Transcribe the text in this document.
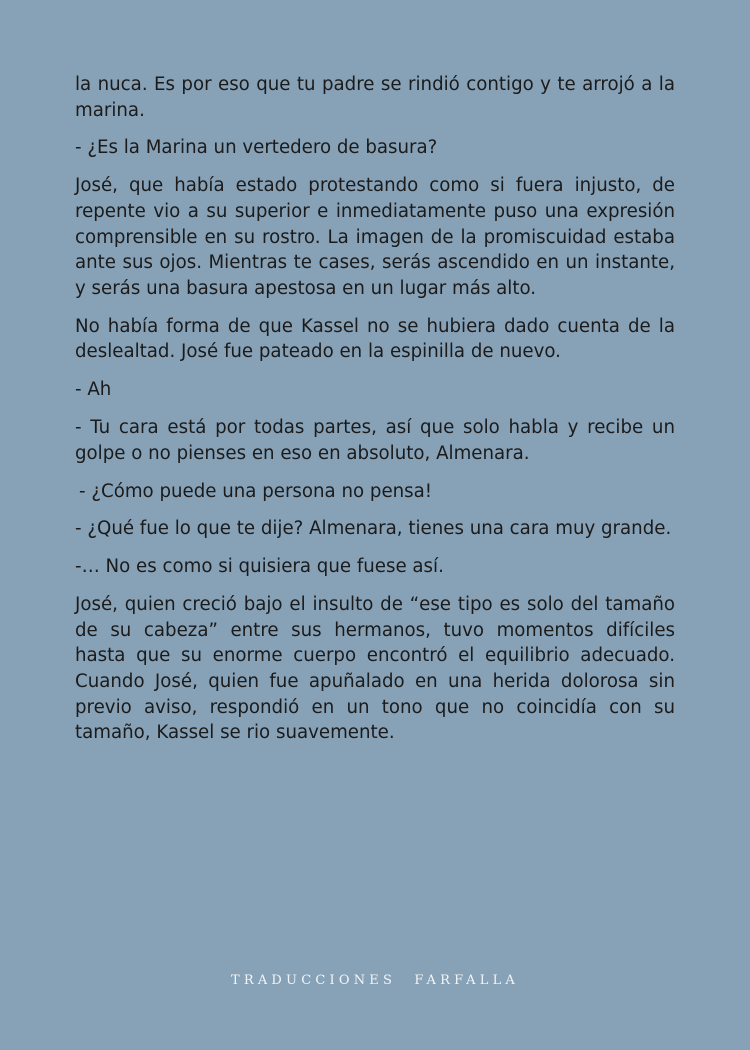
la nuca. Es por eso que tu padre se rindió contigo y te arrojó a la marina.

- ¿Es la Marina un vertedero de basura?

José, que había estado protestando como si fuera injusto, de repente vio a su superior e inmediatamente puso una expresión comprensible en su rostro. La imagen de la promiscuidad estaba ante sus ojos. Mientras te cases, serás ascendido en un instante, y serás una basura apestosa en un lugar más alto.

No había forma de que Kassel no se hubiera dado cuenta de la deslealtad. José fue pateado en la espinilla de nuevo.

- Ah

- Tu cara está por todas partes, así que solo habla y recibe un golpe o no pienses en eso en absoluto, Almenara.

- ¿Cómo puede una persona no pensa!

- ¿Qué fue lo que te dije? Almenara, tienes una cara muy grande.

-… No es como si quisiera que fuese así.

José, quien creció bajo el insulto de “ese tipo es solo del tamaño de su cabeza” entre sus hermanos, tuvo momentos difíciles hasta que su enorme cuerpo encontró el equilibrio adecuado. Cuando José, quien fue apuñalado en una herida dolorosa sin previo aviso, respondió en un tono que no coincidía con su tamaño, Kassel se rio suavemente.

TRADUCCIONES FARFALLA
